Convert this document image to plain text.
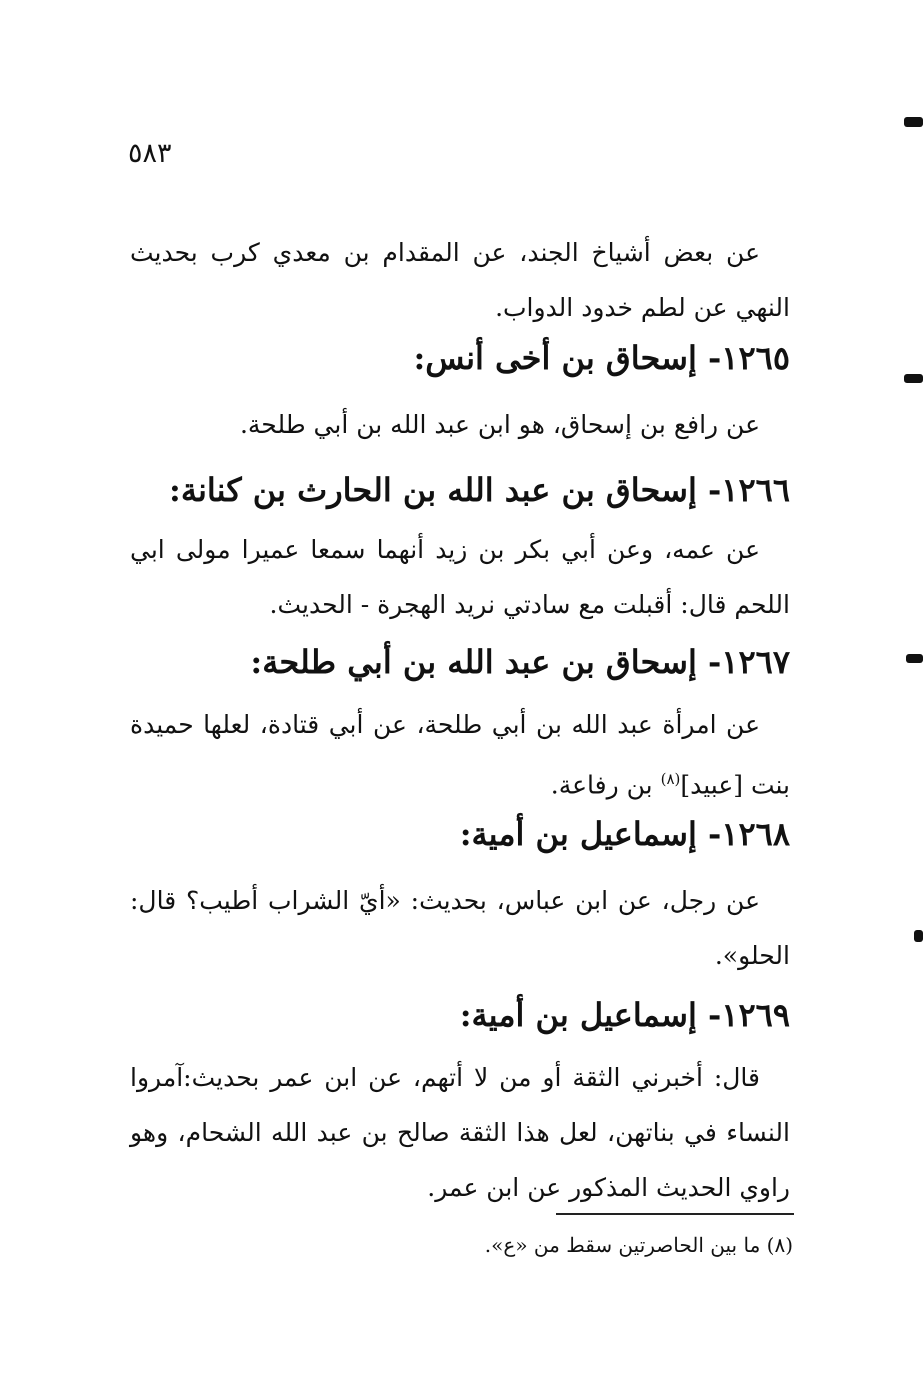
٥٨٣

عن بعض أشياخ الجند، عن المقدام بن معدي كرب بحديث النهي عن لطم خدود الدواب.

١٢٦٥- إسحاق بن أخى أنس:

عن رافع بن إسحاق، هو ابن عبد الله بن أبي طلحة.

١٢٦٦- إسحاق بن عبد الله بن الحارث بن كنانة:

عن عمه، وعن أبي بكر بن زيد أنهما سمعا عميرا مولى ابي اللحم قال: أقبلت مع سادتي نريد الهجرة - الحديث.

١٢٦٧- إسحاق بن عبد الله بن أبي طلحة:

عن امرأة عبد الله بن أبي طلحة، عن أبي قتادة، لعلها حميدة بنت [عبيد]$^{(٨)}$ بن رفاعة.

١٢٦٨- إسماعيل بن أمية:

عن رجل، عن ابن عباس، بحديث: «أيّ الشراب أطيب؟ قال: الحلو».

١٢٦٩- إسماعيل بن أمية:

قال: أخبرني الثقة أو من لا أتهم، عن ابن عمر بحديث:آمروا النساء في بناتهن، لعل هذا الثقة صالح بن عبد الله الشحام، وهو راوي الحديث المذكور عن ابن عمر.

(٨) ما بين الحاصرتين سقط من «ع».
